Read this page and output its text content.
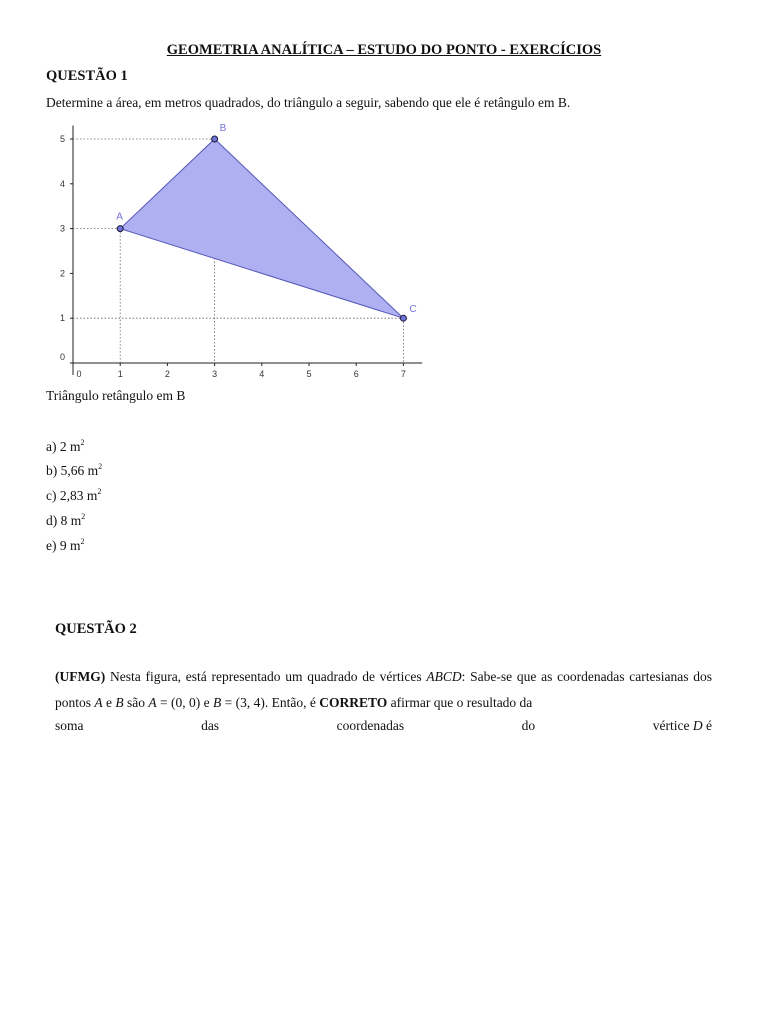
GEOMETRIA ANALÍTICA – ESTUDO DO PONTO - EXERCÍCIOS
QUESTÃO 1
Determine a área, em metros quadrados, do triângulo a seguir, sabendo que ele é retângulo em B.
0	1	2	3	4	5	6	7
0
1
2
3
4
5
A
B
C
Triângulo retângulo em B
a) 2 $m^2$
b) 5,66 $m^2$
c) 2,83 $m^2$
d) 8 $m^2$
e) 9 $m^2$
QUESTÃO 2
(UFMG) Nesta figura, está representado um quadrado de vértices ABCD: Sabe-se que as coordenadas cartesianas dos pontos A e B são A = (0, 0) e B = (3, 4). Então, é CORRETO afirmar que o resultado da
soma	das	coordenadas	do	vértice D é
